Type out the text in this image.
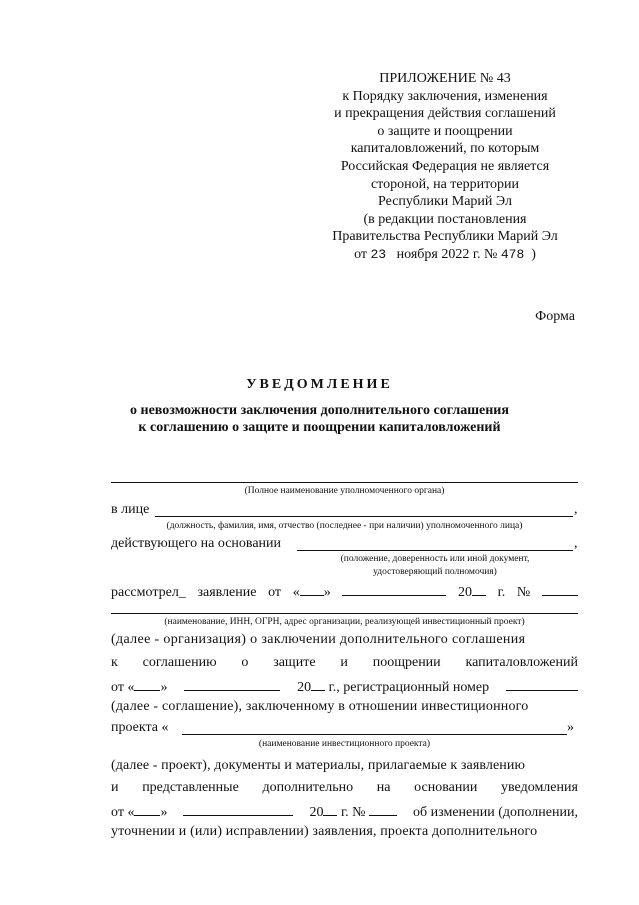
ПРИЛОЖЕНИЕ № 43
к Порядку заключения, изменения
и прекращения действия соглашений
о защите и поощрении
капиталовложений, по которым
Российская Федерация не является
стороной, на территории
Республики Марий Эл
(в редакции постановления
Правительства Республики Марий Эл
от 23 ноября 2022 г. № 478 )
Форма
УВЕДОМЛЕНИЕ
о невозможности заключения дополнительного соглашения
к соглашению о защите и поощрении капиталовложений
(Полное наименование уполномоченного органа)
в лице	,
(должность, фамилия, имя, отчество (последнее - при наличии) уполномоченного лица)
действующего на основании	,
(положение, доверенность или иной документ,
удостоверяющий полномочия)
рассмотрел_ заявление от « »	20	г. №
(наименование, ИНН, ОГРН, адрес организации, реализующей инвестиционный проект)
(далее - организация) о заключении дополнительного соглашения
к соглашению о защите и поощрении капиталовложений
от « »	20 г., регистрационный номер
(далее - соглашение), заключенному в отношении инвестиционного
проекта «	»
(наименование инвестиционного проекта)
(далее - проект), документы и материалы, прилагаемые к заявлению
и представленные дополнительно на основании уведомления
от « »	20 г. №	об изменении (дополнении,
уточнении и (или) исправлении) заявления, проекта дополнительного
